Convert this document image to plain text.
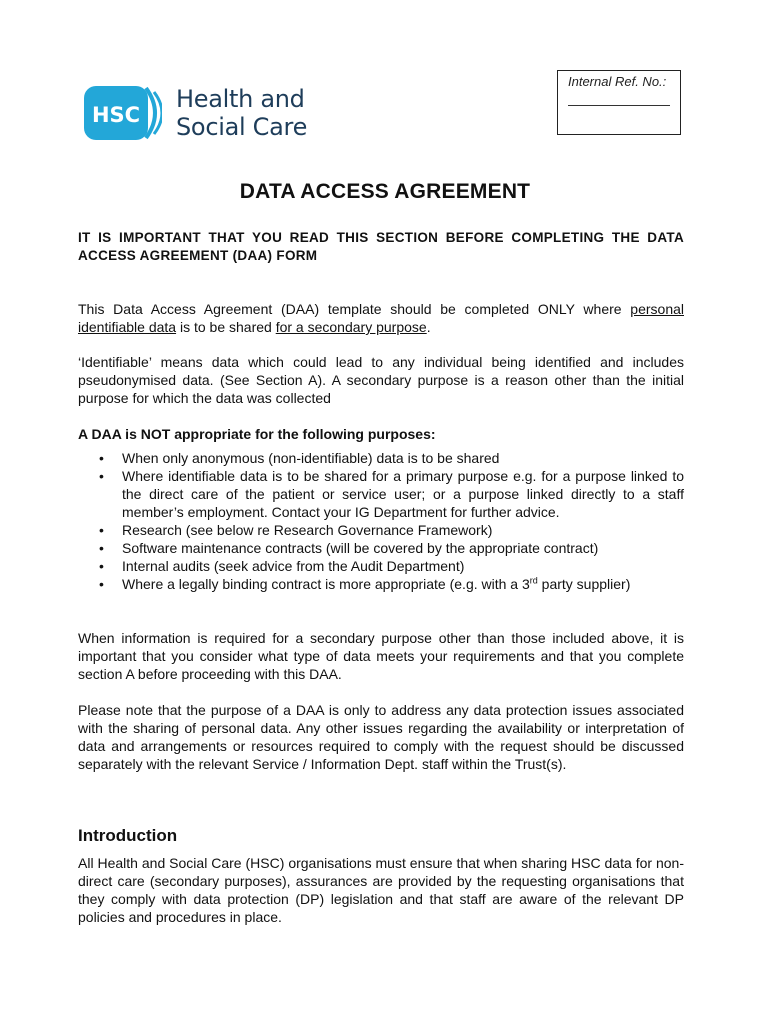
HSC
Health and
Social Care
Internal Ref. No.:
DATA ACCESS AGREEMENT

IT IS IMPORTANT THAT YOU READ THIS SECTION BEFORE COMPLETING THE DATA ACCESS AGREEMENT (DAA) FORM

This Data Access Agreement (DAA) template should be completed ONLY where personal identifiable data is to be shared for a secondary purpose.

‘Identifiable’ means data which could lead to any individual being identified and includes pseudonymised data. (See Section A). A secondary purpose is a reason other than the initial purpose for which the data was collected

A DAA is NOT appropriate for the following purposes:

• When only anonymous (non-identifiable) data is to be shared
• Where identifiable data is to be shared for a primary purpose e.g. for a purpose linked to the direct care of the patient or service user; or a purpose linked directly to a staff member’s employment. Contact your IG Department for further advice.
• Research (see below re Research Governance Framework)
• Software maintenance contracts (will be covered by the appropriate contract)
• Internal audits (seek advice from the Audit Department)
• Where a legally binding contract is more appropriate (e.g. with a 3rd party supplier)

When information is required for a secondary purpose other than those included above, it is important that you consider what type of data meets your requirements and that you complete section A before proceeding with this DAA.

Please note that the purpose of a DAA is only to address any data protection issues associated with the sharing of personal data. Any other issues regarding the availability or interpretation of data and arrangements or resources required to comply with the request should be discussed separately with the relevant Service / Information Dept. staff within the Trust(s).

Introduction

All Health and Social Care (HSC) organisations must ensure that when sharing HSC data for non-direct care (secondary purposes), assurances are provided by the requesting organisations that they comply with data protection (DP) legislation and that staff are aware of the relevant DP policies and procedures in place.
